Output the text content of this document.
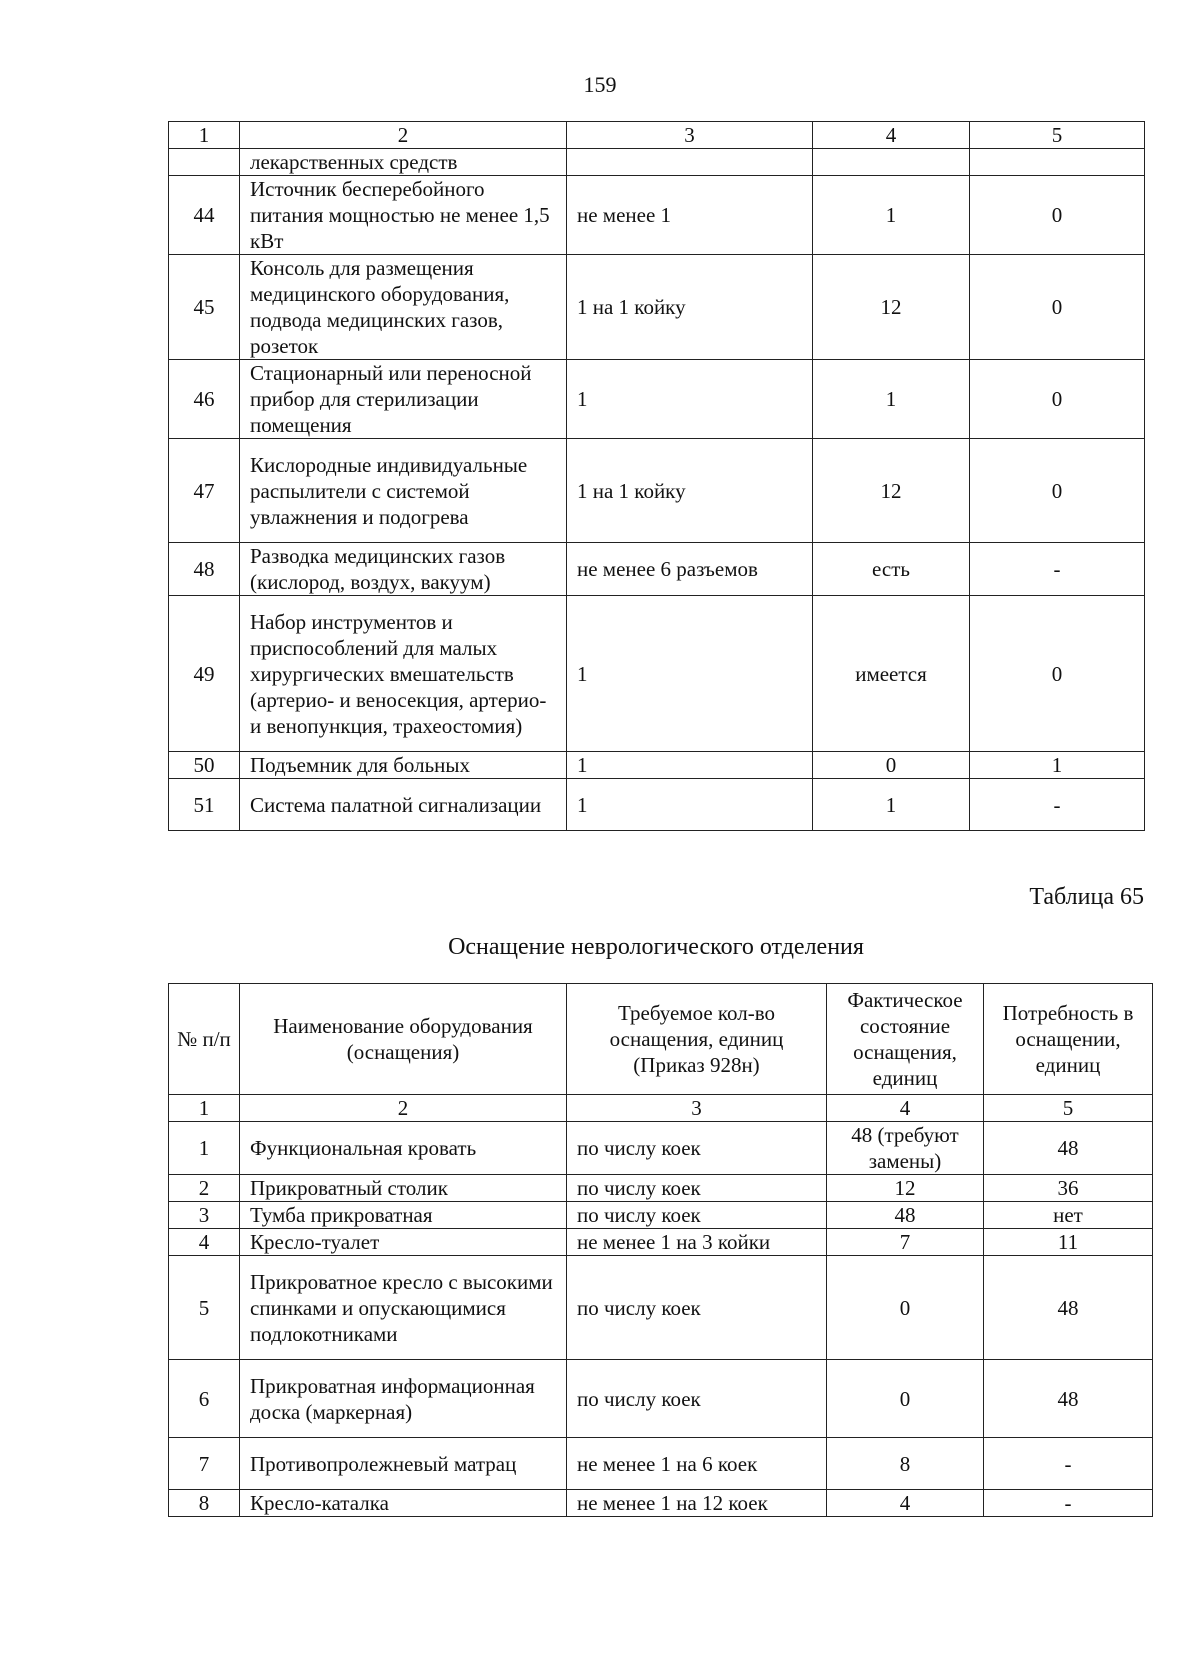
159
1	2	3	4	5
	лекарственных средств			
44	Источник бесперебойного питания мощностью не менее 1,5 кВт	не менее 1	1	0
45	Консоль для размещения медицинского оборудования, подвода медицинских газов, розеток	1 на 1 койку	12	0
46	Стационарный или переносной прибор для стерилизации помещения	1	1	0
47	Кислородные индивидуальные распылители с системой увлажнения и подогрева	1 на 1 койку	12	0
48	Разводка медицинских газов (кислород, воздух, вакуум)	не менее 6 разъемов	есть	-
49	Набор инструментов и приспособлений для малых хирургических вмешательств (артерио- и веносекция, артерио- и венопункция, трахеостомия)	1	имеется	0
50	Подъемник для больных	1	0	1
51	Система палатной сигнализации	1	1	-
Таблица 65
Оснащение неврологического отделения
№ п/п	Наименование оборудования (оснащения)	Требуемое кол-во оснащения, единиц (Приказ 928н)	Фактическое состояние оснащения, единиц	Потребность в оснащении, единиц
1	2	3	4	5
1	Функциональная кровать	по числу коек	48 (требуют замены)	48
2	Прикроватный столик	по числу коек	12	36
3	Тумба прикроватная	по числу коек	48	нет
4	Кресло-туалет	не менее 1 на 3 койки	7	11
5	Прикроватное кресло с высокими спинками и опускающимися подлокотниками	по числу коек	0	48
6	Прикроватная информационная доска (маркерная)	по числу коек	0	48
7	Противопролежневый матрац	не менее 1 на 6 коек	8	-
8	Кресло-каталка	не менее 1 на 12 коек	4	-
